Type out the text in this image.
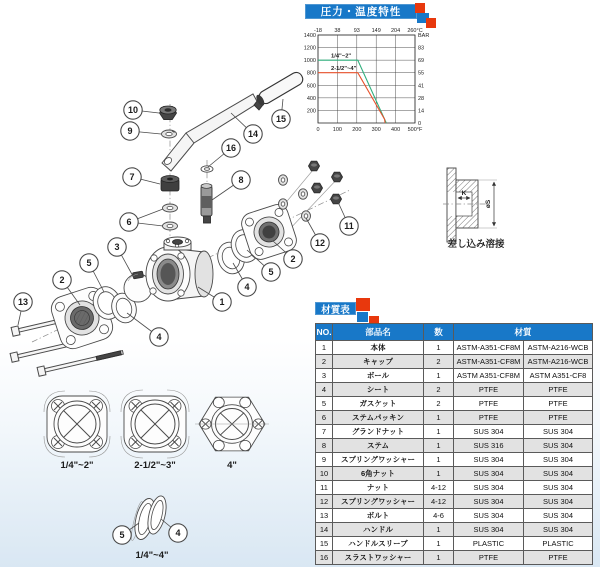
1/4"~2"	2-1/2"~3"	4"
1/4"~4"
K
øS
差し込み溶接
13
2
5
3
4
1
4
5
2
12
11
6
7
9
10
16
8
14
15
5	4
圧力・温度特性
0
-18
100
38
200
93
300
149
400
204
500°F
260°C
1400
1200
1000
800
600
400
200
BAR
83
69
55
41
28
14
0
1/4"~2"
2-1/2"~4"
材質表
NO.	部品名	数	材質	
1	本体	1	ASTM-A351-CF8M	ASTM-A216-WCB
2	キャップ	2	ASTM-A351-CF8M	ASTM-A216-WCB
3	ボール	1	ASTM A351-CF8M	ASTM A351-CF8
4	シート	2	PTFE	PTFE
5	ガスケット	2	PTFE	PTFE
6	ステムパッキン	1	PTFE	PTFE
7	グランドナット	1	SUS 304	SUS 304
8	ステム	1	SUS 316	SUS 304
9	スプリングワッシャー	1	SUS 304	SUS 304
10	6角ナット	1	SUS 304	SUS 304
11	ナット	4-12	SUS 304	SUS 304
12	スプリングワッシャー	4-12	SUS 304	SUS 304
13	ボルト	4-6	SUS 304	SUS 304
14	ハンドル	1	SUS 304	SUS 304
15	ハンドルスリーブ	1	PLASTIC	PLASTIC
16	スラストワッシャー	1	PTFE	PTFE
